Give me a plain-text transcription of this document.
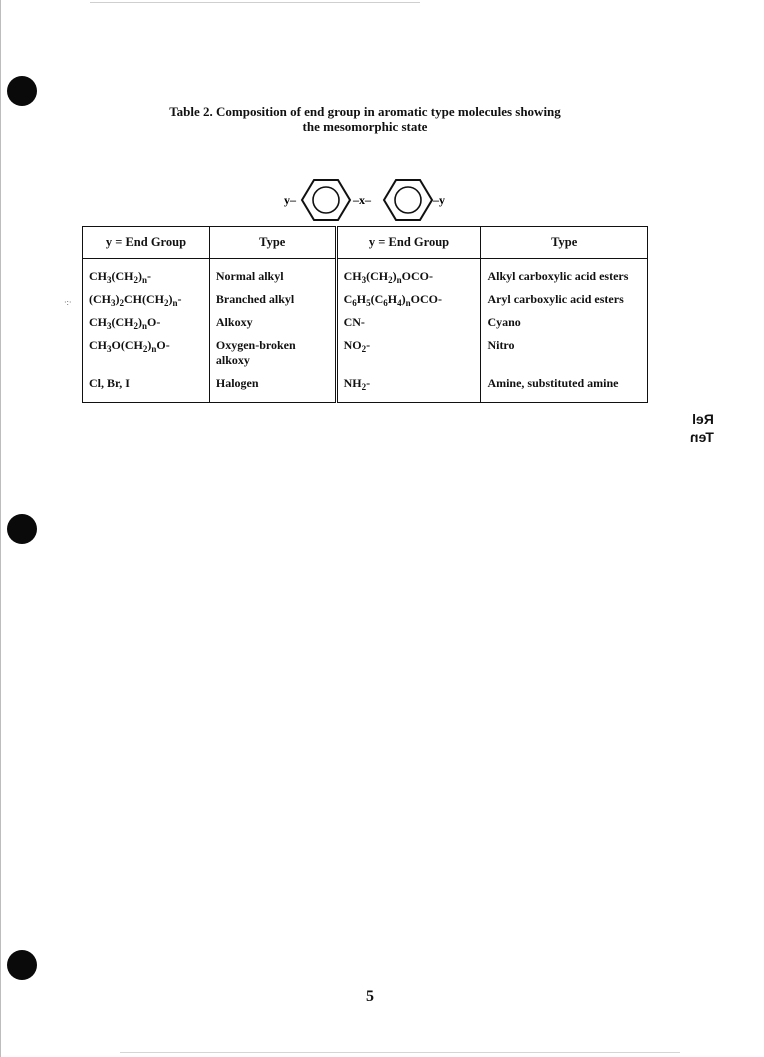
Table 2. Composition of end group in aromatic type molecules showing
the mesomorphic state
y–	–x–	–y
y = End Group	Type	y = End Group	Type
$CH_3(CH_2)_n-$	Normal alkyl	$CH_3(CH_2)_nOCO-$	Alkyl carboxylic acid esters
$(CH_3)_2CH(CH_2)_n-$	Branched alkyl	$C_6H_5(C_6H_4)_nOCO-$	Aryl carboxylic acid esters
$CH_3(CH_2)_nO-$	Alkoxy	CN-	Cyano
$CH_3O(CH_2)_nO-$	Oxygen-broken alkoxy	$NO_2-$	Nitro
Cl, Br, I	Halogen	$NH_2-$	Amine, substituted amine
·:·
Rel
Ten
5
